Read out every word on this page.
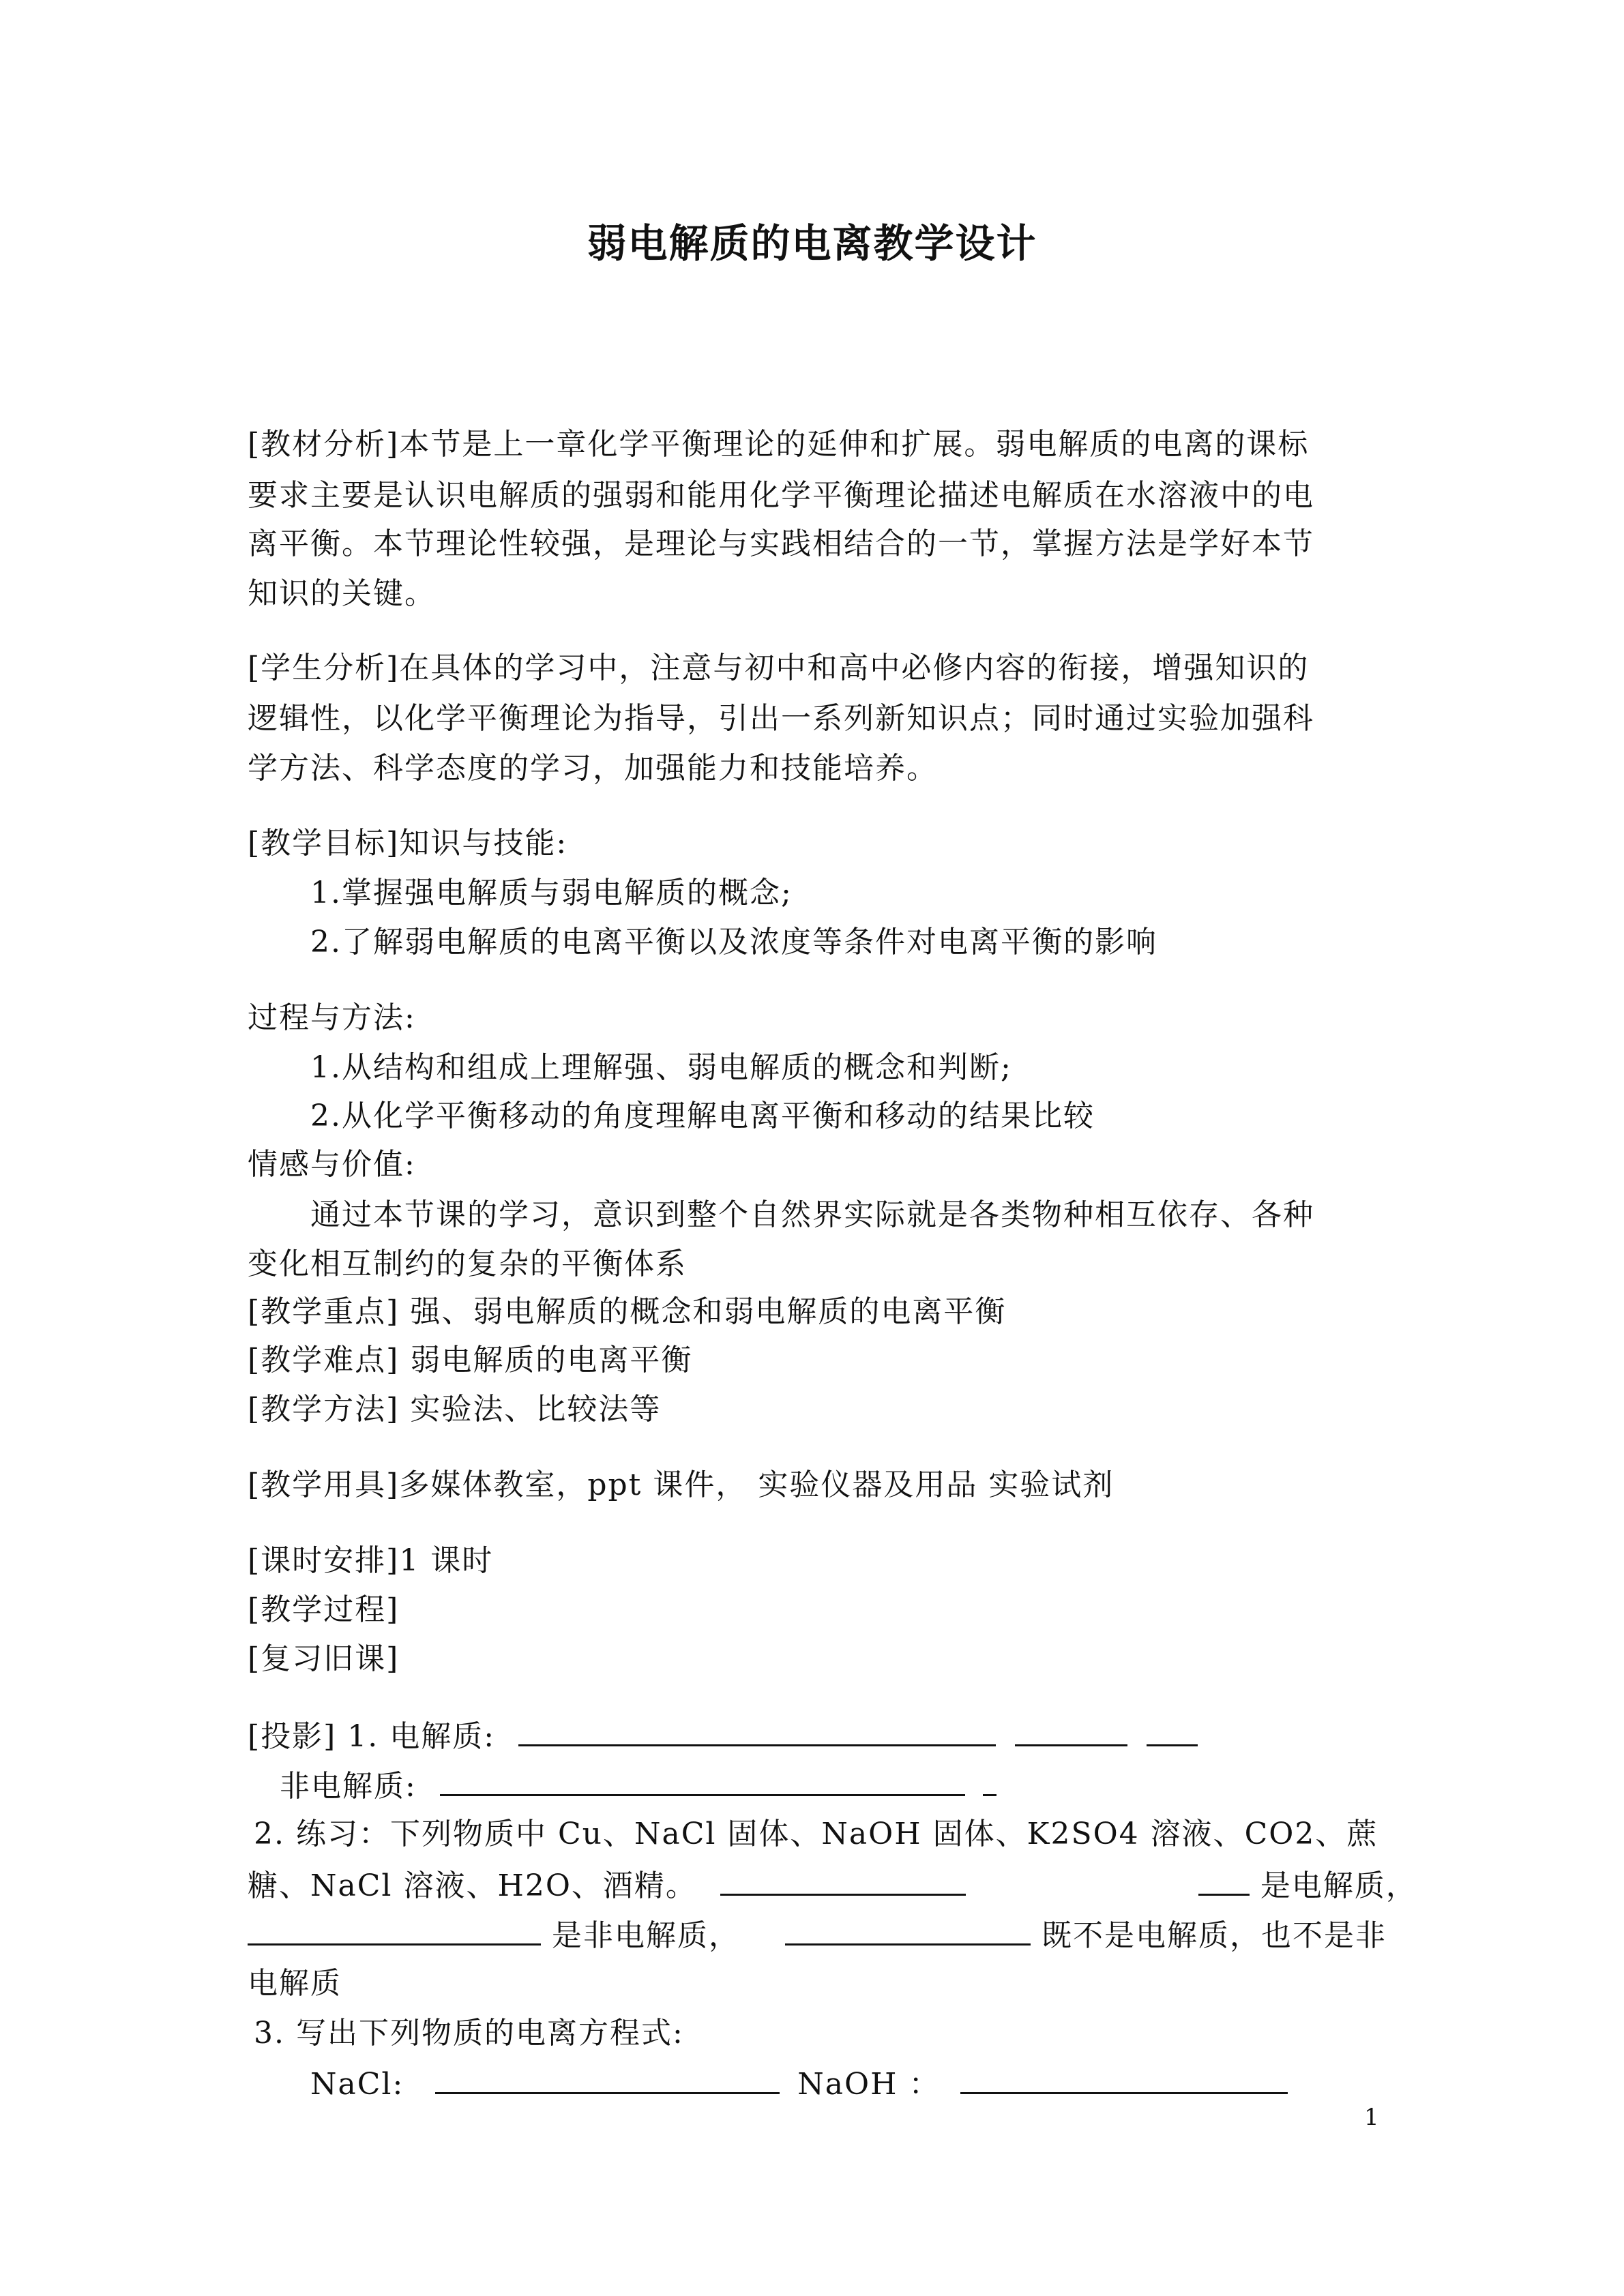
弱电解质的电离教学设计
[教材分析]本节是上一章化学平衡理论的延伸和扩展。弱电解质的电离的课标
要求主要是认识电解质的强弱和能用化学平衡理论描述电解质在水溶液中的电
离平衡。本节理论性较强，是理论与实践相结合的一节，掌握方法是学好本节
知识的关键。
[学生分析]在具体的学习中，注意与初中和高中必修内容的衔接，增强知识的
逻辑性，以化学平衡理论为指导，引出一系列新知识点；同时通过实验加强科
学方法、科学态度的学习，加强能力和技能培养。
[教学目标]知识与技能:
1.掌握强电解质与弱电解质的概念;
2.了解弱电解质的电离平衡以及浓度等条件对电离平衡的影响
过程与方法:
1.从结构和组成上理解强、弱电解质的概念和判断;
2.从化学平衡移动的角度理解电离平衡和移动的结果比较
情感与价值:
通过本节课的学习，意识到整个自然界实际就是各类物种相互依存、各种
变化相互制约的复杂的平衡体系
[教学重点] 强、弱电解质的概念和弱电解质的电离平衡
[教学难点] 弱电解质的电离平衡
[教学方法] 实验法、比较法等
[教学用具]多媒体教室，ppt 课件， 实验仪器及用品 实验试剂
[课时安排]1 课时
[教学过程]
[复习旧课]
[投影] 1. 电解质:
非电解质:
2. 练习：下列物质中 Cu、NaCl 固体、NaOH 固体、K2SO4 溶液、CO2、蔗
糖、NaCl 溶液、H2O、酒精。	是电解质，
是非电解质，	既不是电解质，也不是非
电解质
3. 写出下列物质的电离方程式:
NaCl:	NaOH ：
1
